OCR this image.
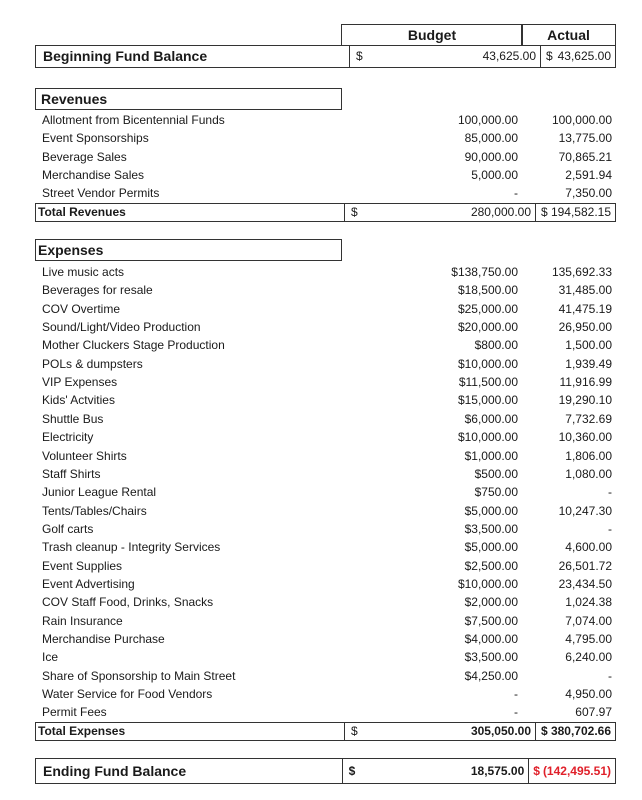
Budget	Actual
Beginning Fund Balance	$	43,625.00 $ 43,625.00
Revenues
Allotment from Bicentennial Funds	100,000.00	100,000.00
Event Sponsorships	85,000.00	13,775.00
Beverage Sales	90,000.00	70,865.21
Merchandise Sales	5,000.00	2,591.94
Street Vendor Permits	-	7,350.00
Total Revenues	$	280,000.00 $ 194,582.15
Expenses
Live music acts	$138,750.00	135,692.33
Beverages for resale	$18,500.00	31,485.00
COV Overtime	$25,000.00	41,475.19
Sound/Light/Video Production	$20,000.00	26,950.00
Mother Cluckers Stage Production	$800.00	1,500.00
POLs & dumpsters	$10,000.00	1,939.49
VIP Expenses	$11,500.00	11,916.99
Kids' Actvities	$15,000.00	19,290.10
Shuttle Bus	$6,000.00	7,732.69
Electricity	$10,000.00	10,360.00
Volunteer Shirts	$1,000.00	1,806.00
Staff Shirts	$500.00	1,080.00
Junior League Rental	$750.00	-
Tents/Tables/Chairs	$5,000.00	10,247.30
Golf carts	$3,500.00	-
Trash cleanup - Integrity Services	$5,000.00	4,600.00
Event Supplies	$2,500.00	26,501.72
Event Advertising	$10,000.00	23,434.50
COV Staff Food, Drinks, Snacks	$2,000.00	1,024.38
Rain Insurance	$7,500.00	7,074.00
Merchandise Purchase	$4,000.00	4,795.00
Ice	$3,500.00	6,240.00
Share of Sponsorship to Main Street	$4,250.00	-
Water Service for Food Vendors	-	4,950.00
Permit Fees	-	607.97
Total Expenses	$	305,050.00 $ 380,702.66
Ending Fund Balance	$	18,575.00 $ (142,495.51)
